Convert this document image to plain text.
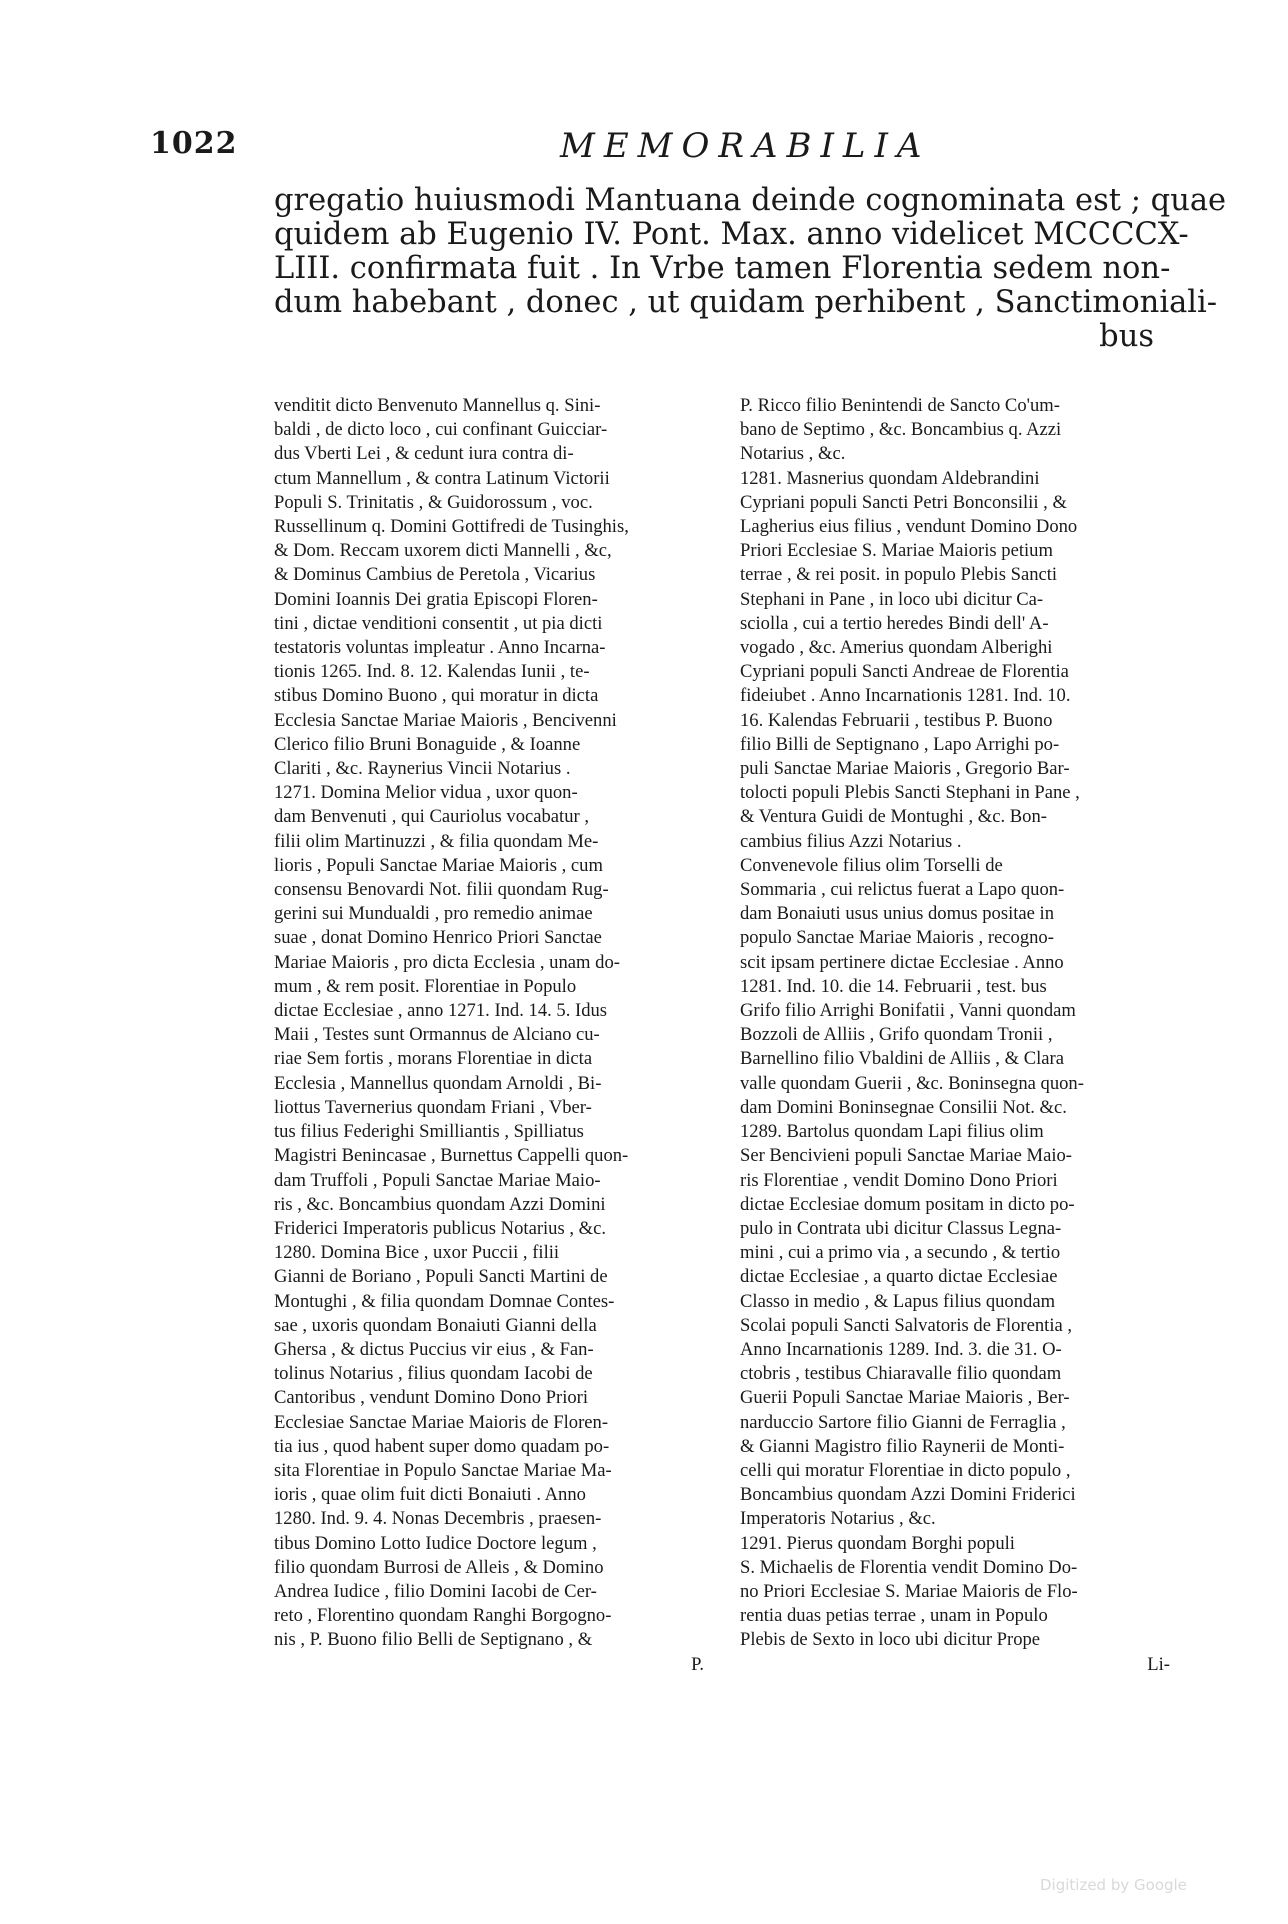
1022	MEMORABILIA
gregatio huiusmodi Mantuana deinde cognominata est ; quae
quidem ab Eugenio IV. Pont. Max. anno videlicet MCCCCX-
LIII. confirmata fuit . In Vrbe tamen Florentia sedem non-
dum habebant , donec , ut quidam perhibent , Sanctimoniali-
bus
venditit dicto Benvenuto Mannellus q. Sini-
baldi , de dicto loco , cui confinant Guicciar-
dus Vberti Lei , & cedunt iura contra di-
ctum Mannellum , & contra Latinum Victorii
Populi S. Trinitatis , & Guidorossum , voc.
Russellinum q. Domini Gottifredi de Tusinghis,
& Dom. Reccam uxorem dicti Mannelli , &c,
& Dominus Cambius de Peretola , Vicarius
Domini Ioannis Dei gratia Episcopi Floren-
tini , dictae venditioni consentit , ut pia dicti
testatoris voluntas impleatur . Anno Incarna-
tionis 1265. Ind. 8. 12. Kalendas Iunii , te-
stibus Domino Buono , qui moratur in dicta
Ecclesia Sanctae Mariae Maioris , Bencivenni
Clerico filio Bruni Bonaguide , & Ioanne
Clariti , &c. Raynerius Vincii Notarius .
1271. Domina Melior vidua , uxor quon-
dam Benvenuti , qui Cauriolus vocabatur ,
filii olim Martinuzzi , & filia quondam Me-
lioris , Populi Sanctae Mariae Maioris , cum
consensu Benovardi Not. filii quondam Rug-
gerini sui Mundualdi , pro remedio animae
suae , donat Domino Henrico Priori Sanctae
Mariae Maioris , pro dicta Ecclesia , unam do-
mum , & rem posit. Florentiae in Populo
dictae Ecclesiae , anno 1271. Ind. 14. 5. Idus
Maii , Testes sunt Ormannus de Alciano cu-
riae Sem fortis , morans Florentiae in dicta
Ecclesia , Mannellus quondam Arnoldi , Bi-
liottus Tavernerius quondam Friani , Vber-
tus filius Federighi Smilliantis , Spilliatus
Magistri Benincasae , Burnettus Cappelli quon-
dam Truffoli , Populi Sanctae Mariae Maio-
ris , &c. Boncambius quondam Azzi Domini
Friderici Imperatoris publicus Notarius , &c.
1280. Domina Bice , uxor Puccii , filii
Gianni de Boriano , Populi Sancti Martini de
Montughi , & filia quondam Domnae Contes-
sae , uxoris quondam Bonaiuti Gianni della
Ghersa , & dictus Puccius vir eius , & Fan-
tolinus Notarius , filius quondam Iacobi de
Cantoribus , vendunt Domino Dono Priori
Ecclesiae Sanctae Mariae Maioris de Floren-
tia ius , quod habent super domo quadam po-
sita Florentiae in Populo Sanctae Mariae Ma-
ioris , quae olim fuit dicti Bonaiuti . Anno
1280. Ind. 9. 4. Nonas Decembris , praesen-
tibus Domino Lotto Iudice Doctore legum ,
filio quondam Burrosi de Alleis , & Domino
Andrea Iudice , filio Domini Iacobi de Cer-
reto , Florentino quondam Ranghi Borgogno-
nis , P. Buono filio Belli de Septignano , &
P.
P. Ricco filio Benintendi de Sancto Co'um-
bano de Septimo , &c. Boncambius q. Azzi
Notarius , &c.
1281. Masnerius quondam Aldebrandini
Cypriani populi Sancti Petri Bonconsilii , &
Lagherius eius filius , vendunt Domino Dono
Priori Ecclesiae S. Mariae Maioris petium
terrae , & rei posit. in populo Plebis Sancti
Stephani in Pane , in loco ubi dicitur Ca-
sciolla , cui a tertio heredes Bindi dell' A-
vogado , &c. Amerius quondam Alberighi
Cypriani populi Sancti Andreae de Florentia
fideiubet . Anno Incarnationis 1281. Ind. 10.
16. Kalendas Februarii , testibus P. Buono
filio Billi de Septignano , Lapo Arrighi po-
puli Sanctae Mariae Maioris , Gregorio Bar-
tolocti populi Plebis Sancti Stephani in Pane ,
& Ventura Guidi de Montughi , &c. Bon-
cambius filius Azzi Notarius .
Convenevole filius olim Torselli de
Sommaria , cui relictus fuerat a Lapo quon-
dam Bonaiuti usus unius domus positae in
populo Sanctae Mariae Maioris , recogno-
scit ipsam pertinere dictae Ecclesiae . Anno
1281. Ind. 10. die 14. Februarii , test. bus
Grifo filio Arrighi Bonifatii , Vanni quondam
Bozzoli de Alliis , Grifo quondam Tronii ,
Barnellino filio Vbaldini de Alliis , & Clara
valle quondam Guerii , &c. Boninsegna quon-
dam Domini Boninsegnae Consilii Not. &c.
1289. Bartolus quondam Lapi filius olim
Ser Bencivieni populi Sanctae Mariae Maio-
ris Florentiae , vendit Domino Dono Priori
dictae Ecclesiae domum positam in dicto po-
pulo in Contrata ubi dicitur Classus Legna-
mini , cui a primo via , a secundo , & tertio
dictae Ecclesiae , a quarto dictae Ecclesiae
Classo in medio , & Lapus filius quondam
Scolai populi Sancti Salvatoris de Florentia ,
Anno Incarnationis 1289. Ind. 3. die 31. O-
ctobris , testibus Chiaravalle filio quondam
Guerii Populi Sanctae Mariae Maioris , Ber-
narduccio Sartore filio Gianni de Ferraglia ,
& Gianni Magistro filio Raynerii de Monti-
celli qui moratur Florentiae in dicto populo ,
Boncambius quondam Azzi Domini Friderici
Imperatoris Notarius , &c.
1291. Pierus quondam Borghi populi
S. Michaelis de Florentia vendit Domino Do-
no Priori Ecclesiae S. Mariae Maioris de Flo-
rentia duas petias terrae , unam in Populo
Plebis de Sexto in loco ubi dicitur Prope
Li-
Digitized by Google
